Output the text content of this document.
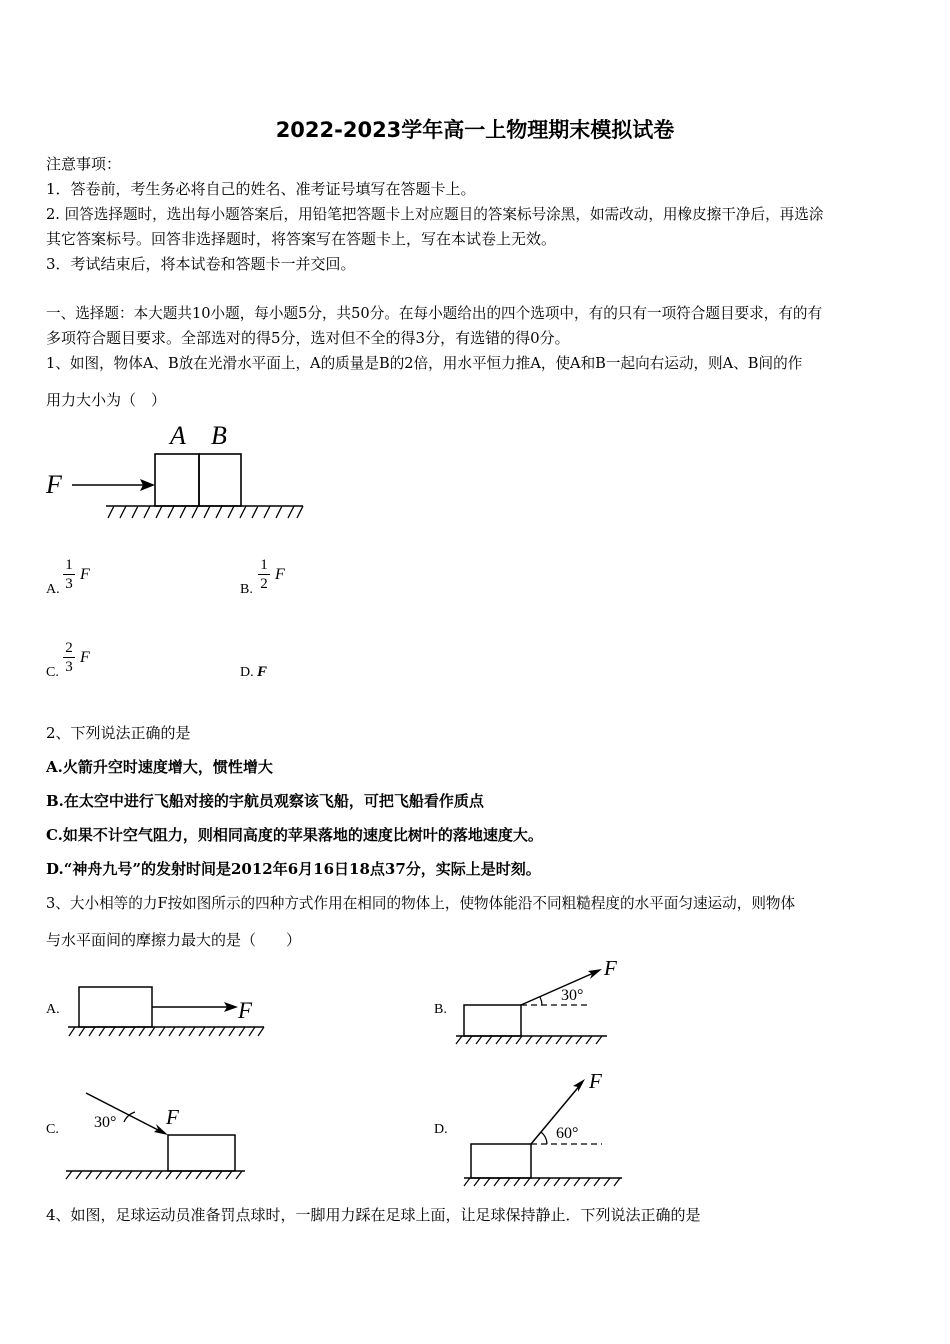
2022-2023学年高一上物理期末模拟试卷
注意事项：
1．答卷前，考生务必将自己的姓名、准考证号填写在答题卡上。
2. 回答选择题时，选出每小题答案后，用铅笔把答题卡上对应题目的答案标号涂黑，如需改动，用橡皮擦干净后，再选涂
其它答案标号。回答非选择题时，将答案写在答题卡上，写在本试卷上无效。
3．考试结束后，将本试卷和答题卡一并交回。
一、选择题：本大题共10小题，每小题5分，共50分。在每小题给出的四个选项中，有的只有一项符合题目要求，有的有
多项符合题目要求。全部选对的得5分，选对但不全的得3分，有选错的得0分。
1、如图，物体A、B放在光滑水平面上，A的质量是B的2倍，用水平恒力推A，使A和B一起向右运动，则A、B间的作
用力大小为（　）
F
A B
A.
1
3
F
B.
1
2
F
C.
2
3
F
D. F
2、下列说法正确的是
A.火箭升空时速度增大，惯性增大
B.在太空中进行飞船对接的宇航员观察该飞船，可把飞船看作质点
C.如果不计空气阻力，则相同高度的苹果落地的速度比树叶的落地速度大。
D.“神舟九号”的发射时间是2012年6月16日18点37分，实际上是时刻。
3、大小相等的力F按如图所示的四种方式作用在相同的物体上，使物体能沿不同粗糙程度的水平面匀速运动，则物体
与水平面间的摩擦力最大的是（　　）
A.	F	B.
F
30°
C.
F
30°	D.
F
60°
4、如图，足球运动员准备罚点球时，一脚用力踩在足球上面，让足球保持静止．下列说法正确的是
